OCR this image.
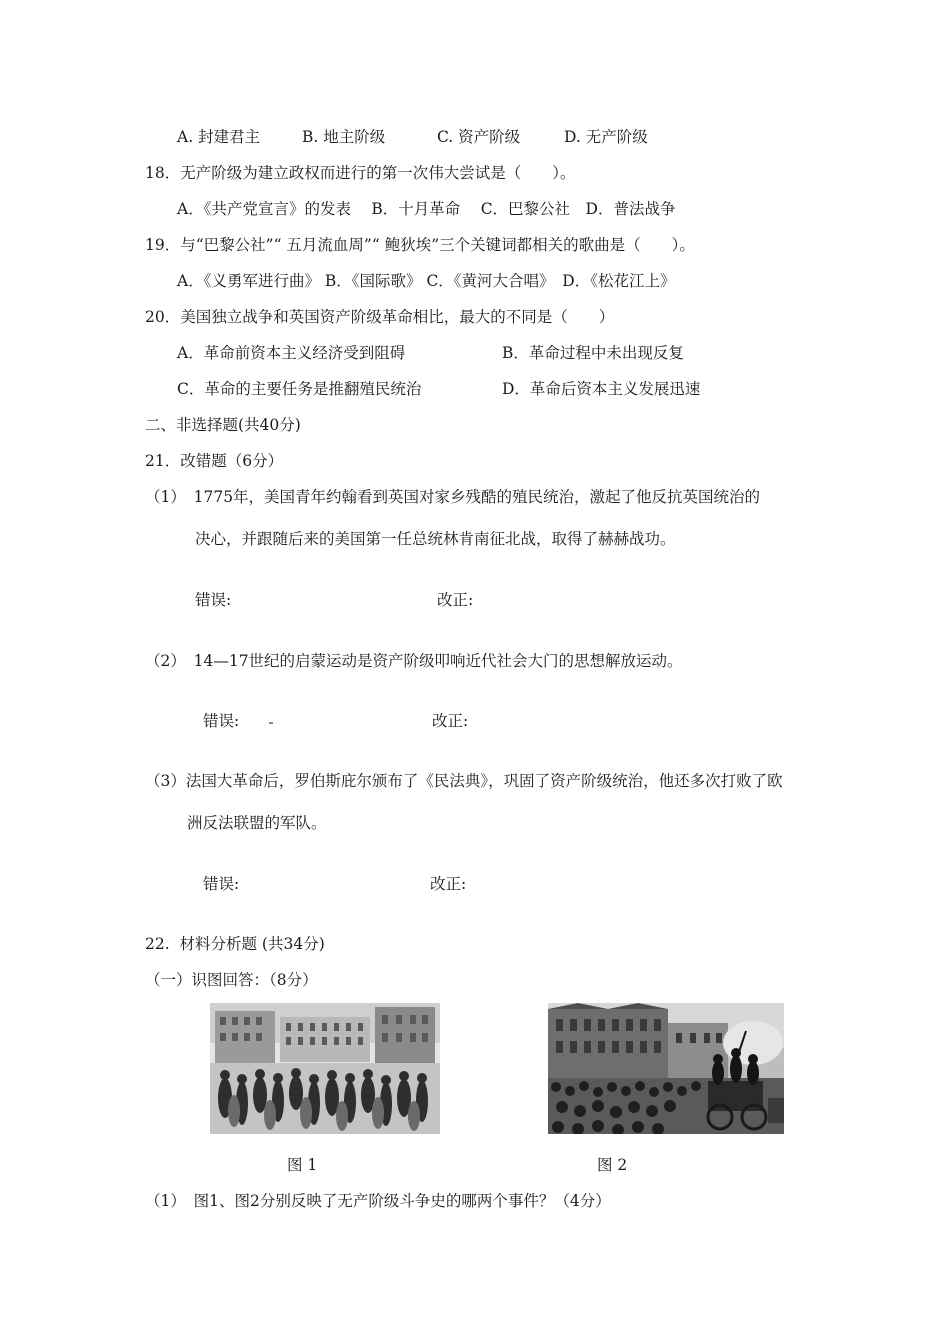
A. 封建君主	B. 地主阶级	C. 资产阶级	D. 无产阶级
18．无产阶级为建立政权而进行的第一次伟大尝试是（　　）。
A．《共产党宣言》的发表　 B．十月革命　 C．巴黎公社　D．普法战争
19．与“巴黎公社”“ 五月流血周”“ 鲍狄埃”三个关键词都相关的歌曲是（　　）。
A．《义勇军进行曲》 B．《国际歌》 C．《黄河大合唱》　D．《松花江上》
20．美国独立战争和英国资产阶级革命相比，最大的不同是（　　）
A．革命前资本主义经济受到阻碍	B．革命过程中未出现反复
C．革命的主要任务是推翻殖民统治	D．革命后资本主义发展迅速
二、非选择题(共40分)
21．改错题（6分）
（1）　1775年，美国青年约翰看到英国对家乡残酷的殖民统治，激起了他反抗英国统治的
决心，并跟随后来的美国第一任总统林肯南征北战，取得了赫赫战功。
错误:	改正:
（2）　14—17世纪的启蒙运动是资产阶级叩响近代社会大门的思想解放运动。
错误:	改正:
（3）法国大革命后，罗伯斯庇尔颁布了《民法典》，巩固了资产阶级统治，他还多次打败了欧
洲反法联盟的军队。
错误:	改正:
22.  材料分析题 (共34分)
（一）识图回答：（8分）
图 1	图 2
（1）　图1、图2分别反映了无产阶级斗争史的哪两个事件？（4分）
